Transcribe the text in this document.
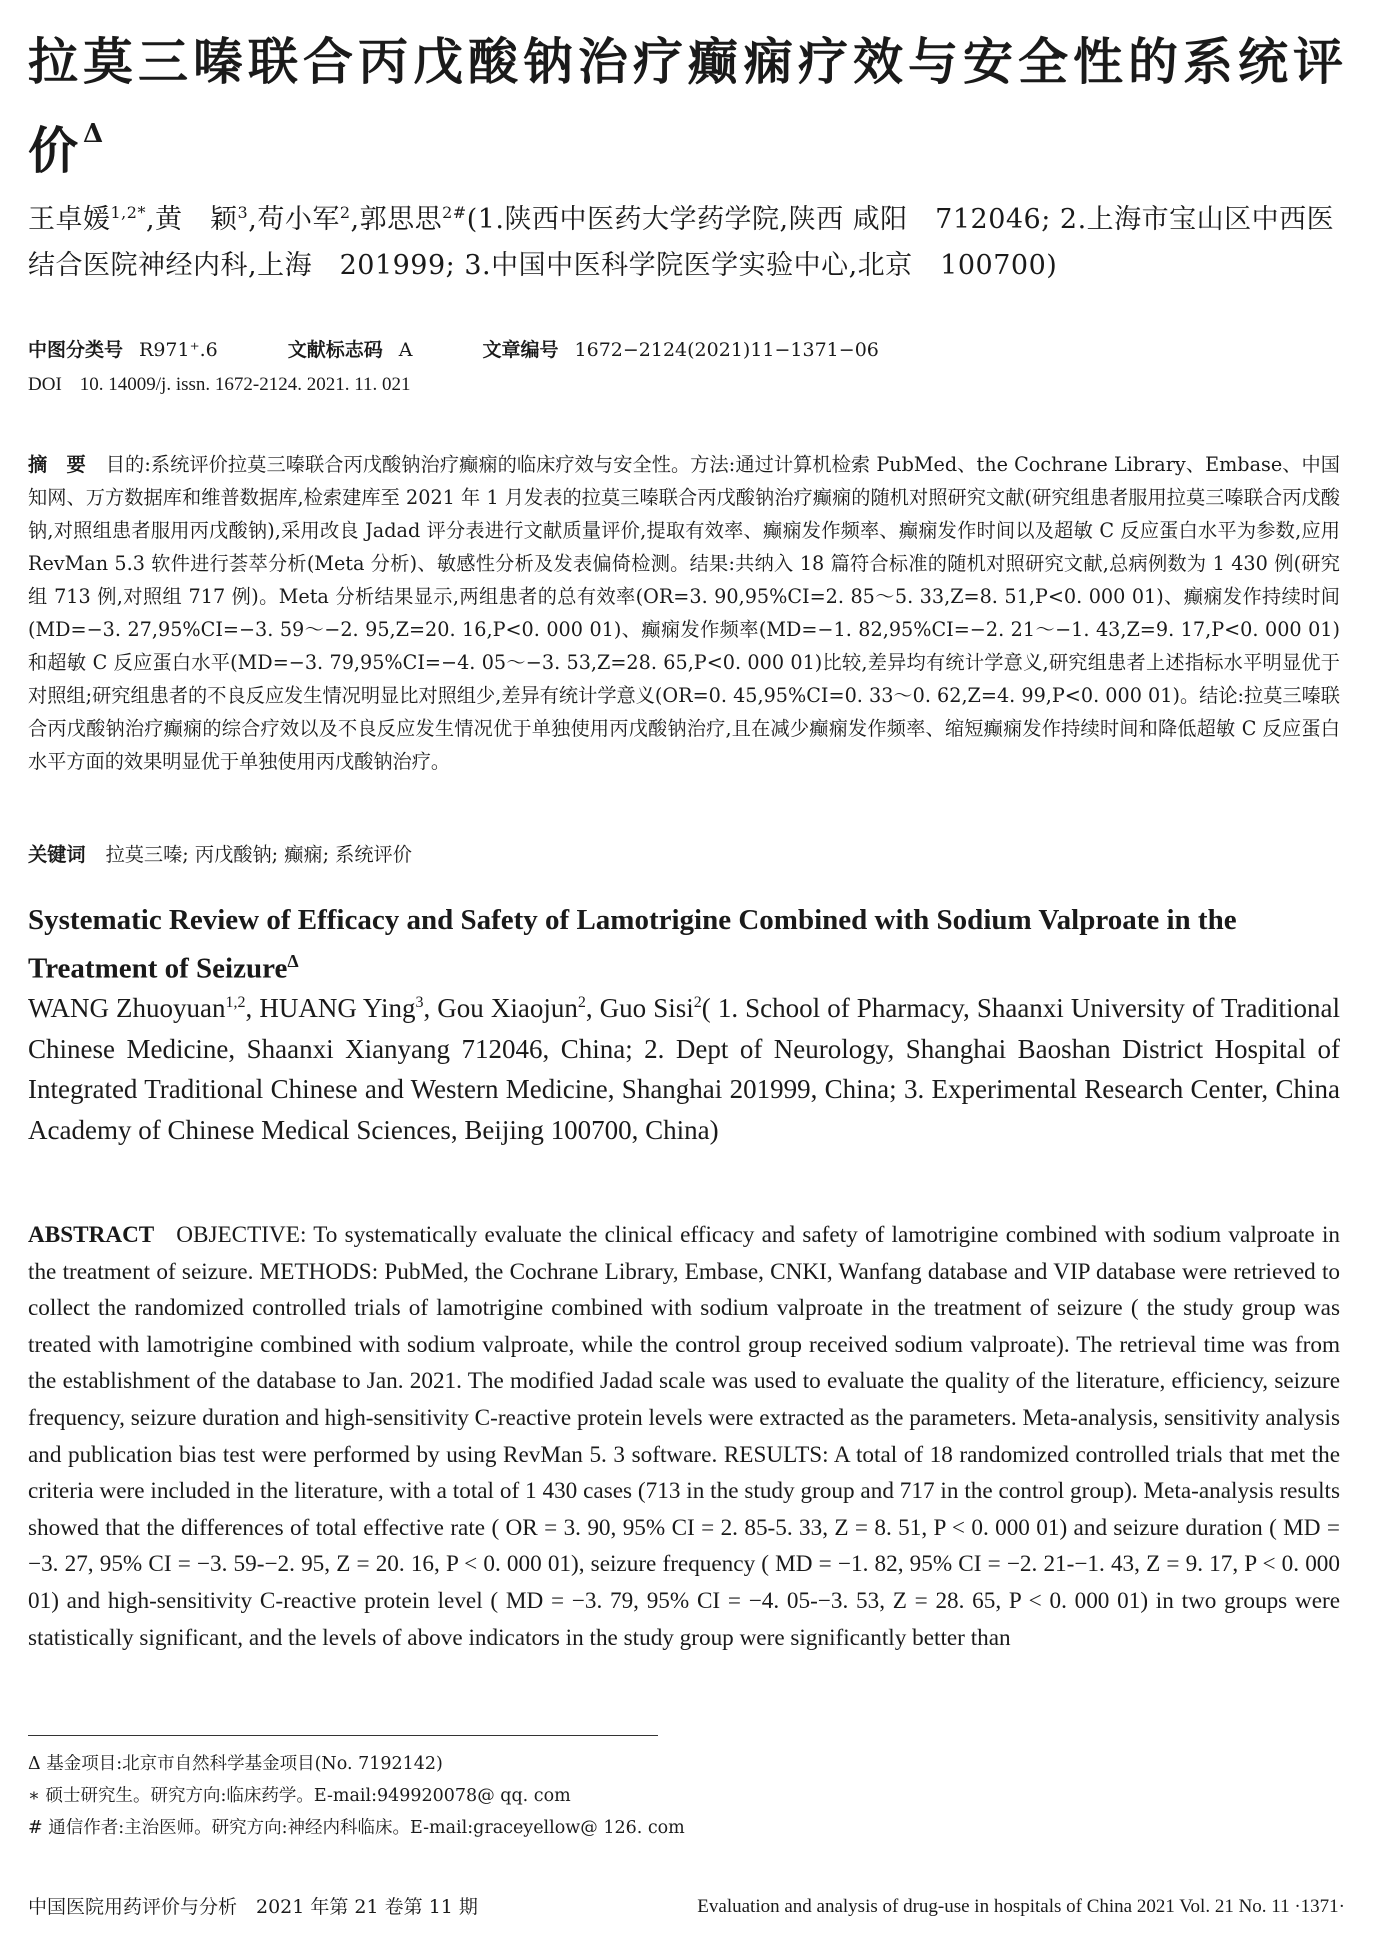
拉莫三嗪联合丙戊酸钠治疗癫痫疗效与安全性的系统评价$^\Delta$
王卓媛$^{1,2*}$,黄　颖$^3$,苟小军$^2$,郭思思$^{2\#}$(1.陕西中医药大学药学院,陕西 咸阳　712046; 2.上海市宝山区中西医结合医院神经内科,上海　201999; 3.中国中医科学院医学实验中心,北京　100700)
中图分类号 R971⁺.6	文献标志码 A	文章编号 1672−2124(2021)11−1371−06
DOI 10. 14009/j. issn. 1672-2124. 2021. 11. 021
摘　要 目的:系统评价拉莫三嗪联合丙戊酸钠治疗癫痫的临床疗效与安全性。方法:通过计算机检索 PubMed、the Cochrane Library、Embase、中国知网、万方数据库和维普数据库,检索建库至 2021 年 1 月发表的拉莫三嗪联合丙戊酸钠治疗癫痫的随机对照研究文献(研究组患者服用拉莫三嗪联合丙戊酸钠,对照组患者服用丙戊酸钠),采用改良 Jadad 评分表进行文献质量评价,提取有效率、癫痫发作频率、癫痫发作时间以及超敏 C 反应蛋白水平为参数,应用 RevMan 5.3 软件进行荟萃分析(Meta 分析)、敏感性分析及发表偏倚检测。结果:共纳入 18 篇符合标准的随机对照研究文献,总病例数为 1 430 例(研究组 713 例,对照组 717 例)。Meta 分析结果显示,两组患者的总有效率(OR=3. 90,95%CI=2. 85～5. 33,Z=8. 51,P<0. 000 01)、癫痫发作持续时间(MD=−3. 27,95%CI=−3. 59～−2. 95,Z=20. 16,P<0. 000 01)、癫痫发作频率(MD=−1. 82,95%CI=−2. 21～−1. 43,Z=9. 17,P<0. 000 01)和超敏 C 反应蛋白水平(MD=−3. 79,95%CI=−4. 05～−3. 53,Z=28. 65,P<0. 000 01)比较,差异均有统计学意义,研究组患者上述指标水平明显优于对照组;研究组患者的不良反应发生情况明显比对照组少,差异有统计学意义(OR=0. 45,95%CI=0. 33～0. 62,Z=4. 99,P<0. 000 01)。结论:拉莫三嗪联合丙戊酸钠治疗癫痫的综合疗效以及不良反应发生情况优于单独使用丙戊酸钠治疗,且在减少癫痫发作频率、缩短癫痫发作持续时间和降低超敏 C 反应蛋白水平方面的效果明显优于单独使用丙戊酸钠治疗。
关键词 拉莫三嗪; 丙戊酸钠; 癫痫; 系统评价
Systematic Review of Efficacy and Safety of Lamotrigine Combined with Sodium Valproate in the Treatment of Seizure$^\Delta$
WANG Zhuoyuan$^{1,2}$, HUANG Ying$^3$, Gou Xiaojun$^2$, Guo Sisi$^2$( 1. School of Pharmacy, Shaanxi University of Traditional Chinese Medicine, Shaanxi Xianyang 712046, China; 2. Dept of Neurology, Shanghai Baoshan District Hospital of Integrated Traditional Chinese and Western Medicine, Shanghai 201999, China; 3. Experimental Research Center, China Academy of Chinese Medical Sciences, Beijing 100700, China)
ABSTRACT OBJECTIVE: To systematically evaluate the clinical efficacy and safety of lamotrigine combined with sodium valproate in the treatment of seizure. METHODS: PubMed, the Cochrane Library, Embase, CNKI, Wanfang database and VIP database were retrieved to collect the randomized controlled trials of lamotrigine combined with sodium valproate in the treatment of seizure ( the study group was treated with lamotrigine combined with sodium valproate, while the control group received sodium valproate). The retrieval time was from the establishment of the database to Jan. 2021. The modified Jadad scale was used to evaluate the quality of the literature, efficiency, seizure frequency, seizure duration and high-sensitivity C-reactive protein levels were extracted as the parameters. Meta-analysis, sensitivity analysis and publication bias test were performed by using RevMan 5. 3 software. RESULTS: A total of 18 randomized controlled trials that met the criteria were included in the literature, with a total of 1 430 cases (713 in the study group and 717 in the control group). Meta-analysis results showed that the differences of total effective rate ( OR = 3. 90, 95% CI = 2. 85-5. 33, Z = 8. 51, P < 0. 000 01) and seizure duration ( MD = −3. 27, 95% CI = −3. 59-−2. 95, Z = 20. 16, P < 0. 000 01), seizure frequency ( MD = −1. 82, 95% CI = −2. 21-−1. 43, Z = 9. 17, P < 0. 000 01) and high-sensitivity C-reactive protein level ( MD = −3. 79, 95% CI = −4. 05-−3. 53, Z = 28. 65, P < 0. 000 01) in two groups were statistically significant, and the levels of above indicators in the study group were significantly better than
Δ 基金项目:北京市自然科学基金项目(No. 7192142)
∗ 硕士研究生。研究方向:临床药学。E-mail:949920078@ qq. com
# 通信作者:主治医师。研究方向:神经内科临床。E-mail:graceyellow@ 126. com
中国医院用药评价与分析　2021 年第 21 卷第 11 期	Evaluation and analysis of drug-use in hospitals of China 2021 Vol. 21 No. 11 ·1371·
